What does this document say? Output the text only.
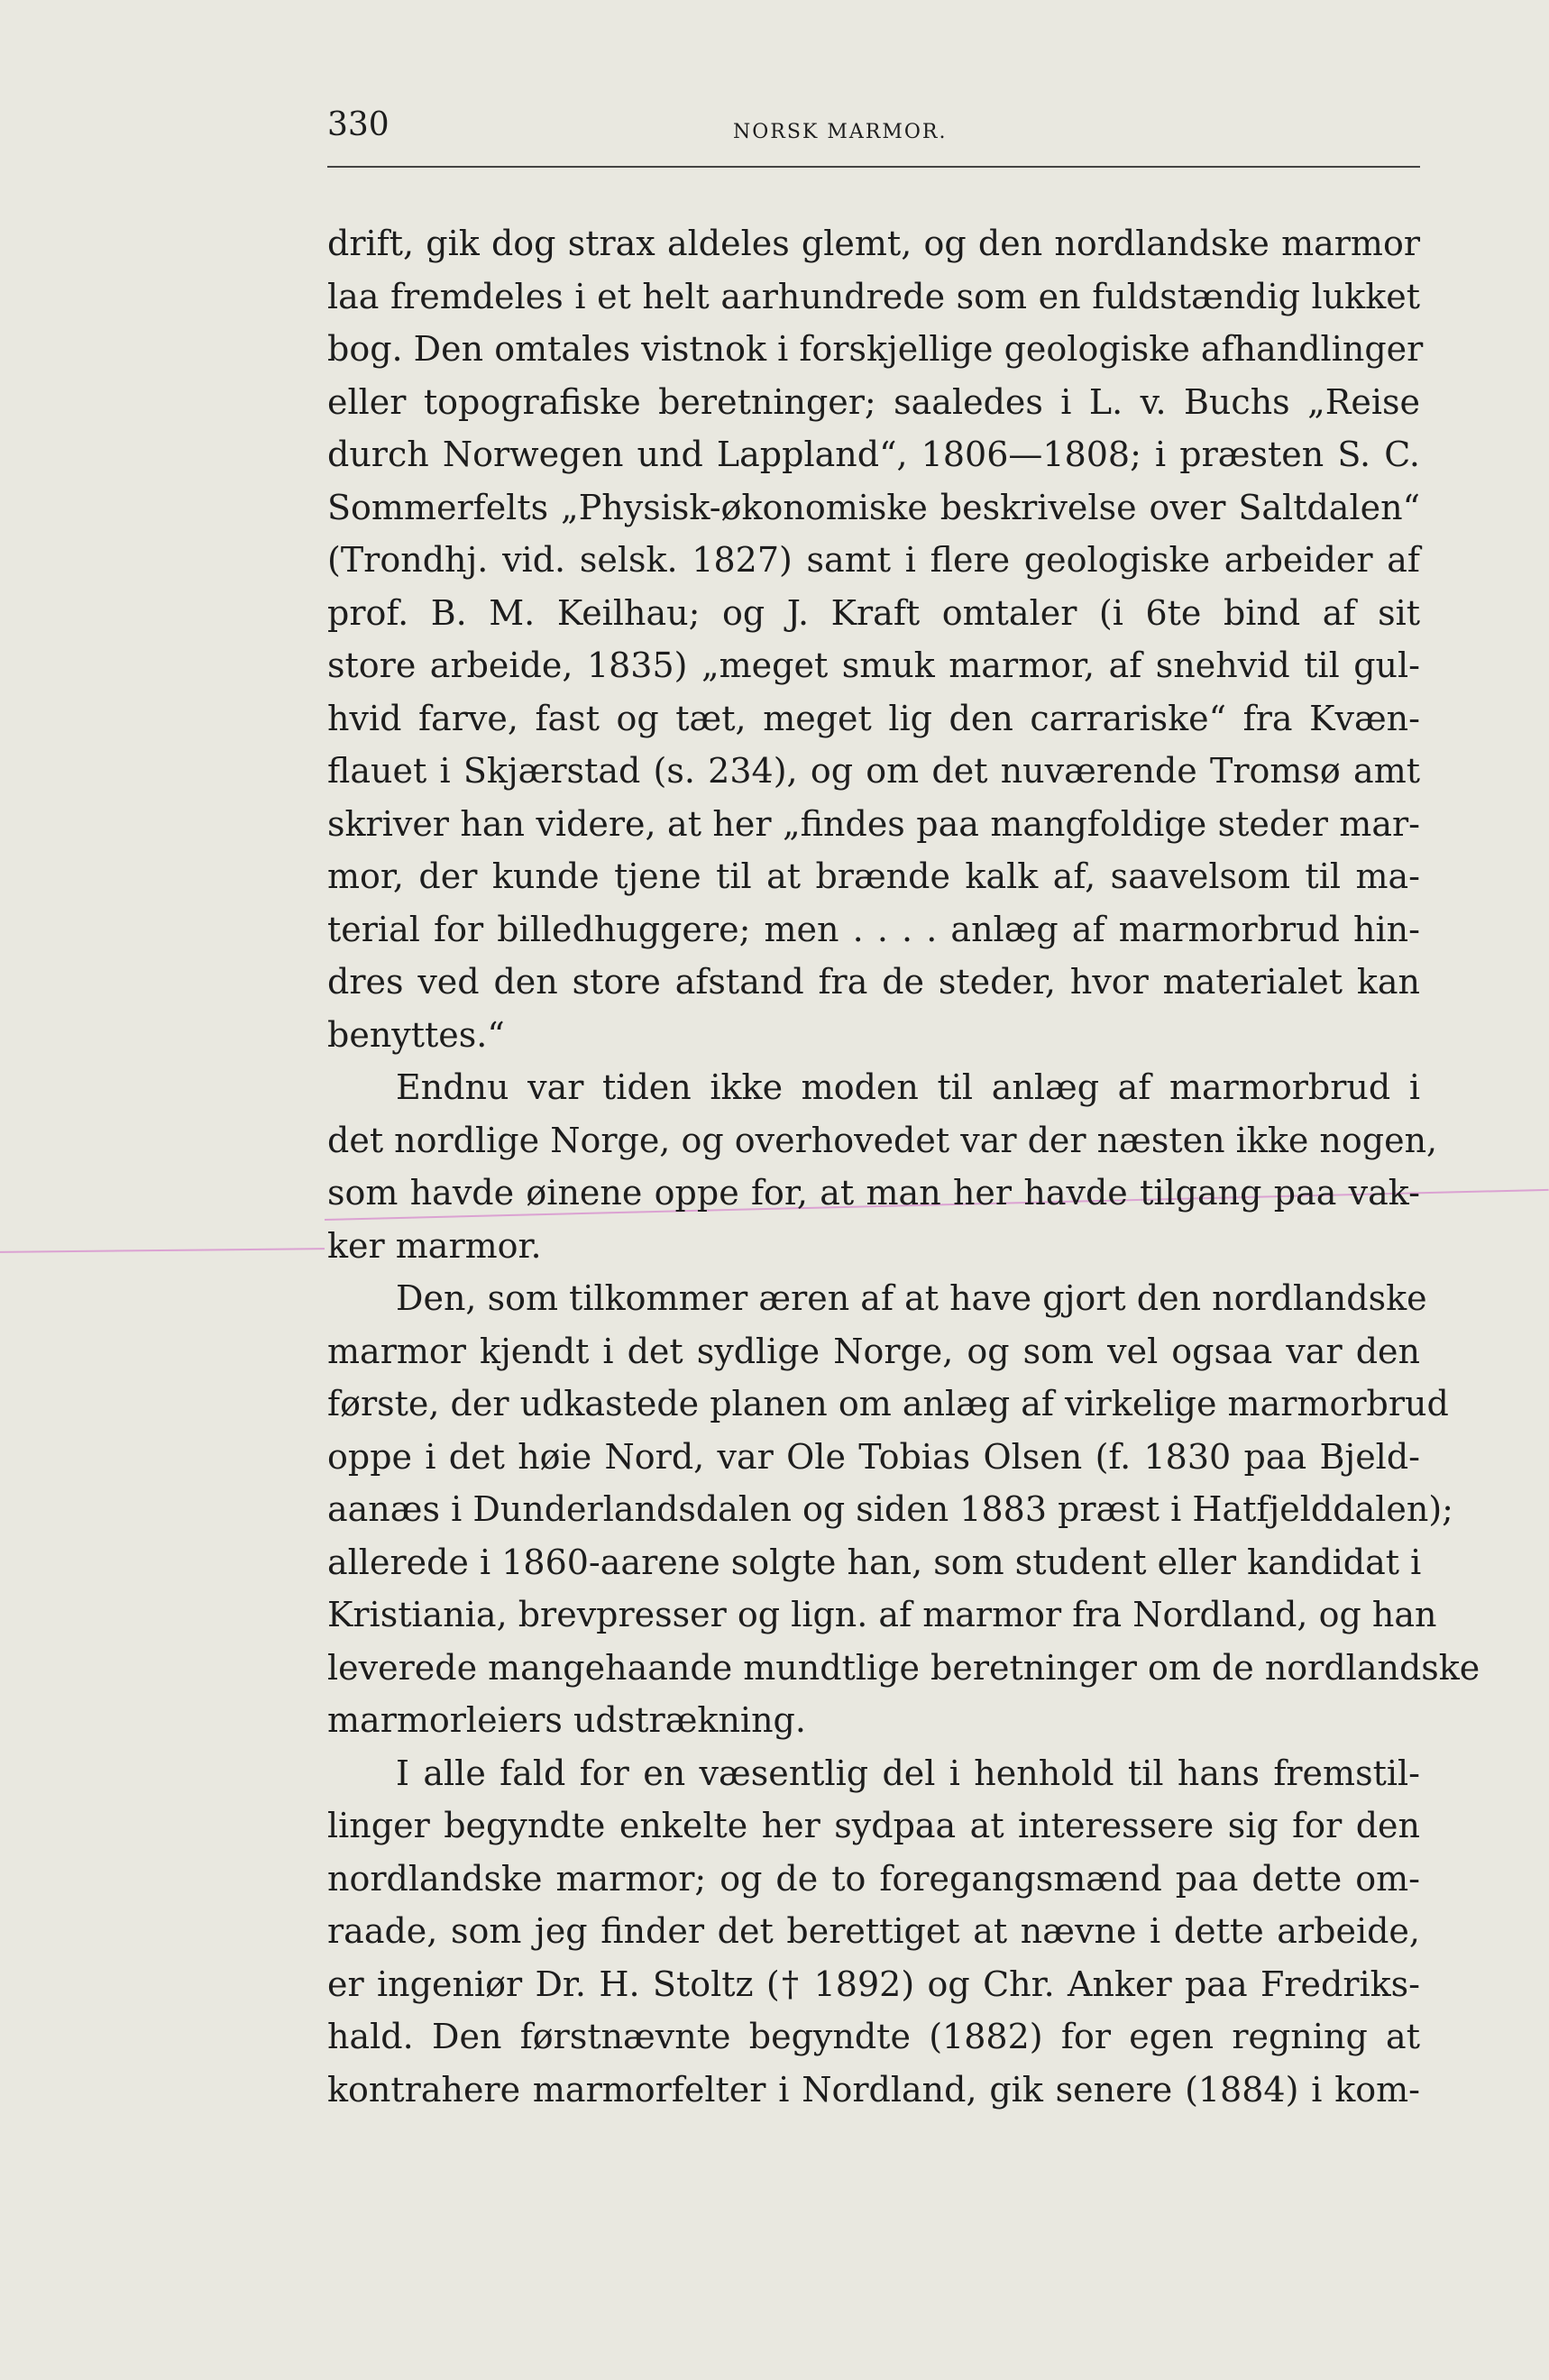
330	NORSK MARMOR.
drift, gik dog strax aldeles glemt, og den nordlandske marmor
laa fremdeles i et helt aarhundrede som en fuldstændig lukket
bog. Den omtales vistnok i forskjellige geologiske afhandlinger
eller topografiske beretninger; saaledes i L. v. Buchs „Reise
durch Norwegen und Lappland“, 1806—1808; i præsten S. C.
Sommerfelts „Physisk-økonomiske beskrivelse over Saltdalen“
(Trondhj. vid. selsk. 1827) samt i flere geologiske arbeider af
prof. B. M. Keilhau; og J. Kraft omtaler (i 6te bind af sit
store arbeide, 1835) „meget smuk marmor, af snehvid til gul-
hvid farve, fast og tæt, meget lig den carrariske“ fra Kvæn-
flauet i Skjærstad (s. 234), og om det nuværende Tromsø amt
skriver han videre, at her „findes paa mangfoldige steder mar-
mor, der kunde tjene til at brænde kalk af, saavelsom til ma-
terial for billedhuggere; men . . . . anlæg af marmorbrud hin-
dres ved den store afstand fra de steder, hvor materialet kan
benyttes.“
Endnu var tiden ikke moden til anlæg af marmorbrud i
det nordlige Norge, og overhovedet var der næsten ikke nogen,
som havde øinene oppe for, at man her havde tilgang paa vak-
ker marmor.
Den, som tilkommer æren af at have gjort den nordlandske
marmor kjendt i det sydlige Norge, og som vel ogsaa var den
første, der udkastede planen om anlæg af virkelige marmorbrud
oppe i det høie Nord, var Ole Tobias Olsen (f. 1830 paa Bjeld-
aanæs i Dunderlandsdalen og siden 1883 præst i Hatfjelddalen);
allerede i 1860-aarene solgte han, som student eller kandidat i
Kristiania, brevpresser og lign. af marmor fra Nordland, og han
leverede mangehaande mundtlige beretninger om de nordlandske
marmorleiers udstrækning.
I alle fald for en væsentlig del i henhold til hans fremstil-
linger begyndte enkelte her sydpaa at interessere sig for den
nordlandske marmor; og de to foregangsmænd paa dette om-
raade, som jeg finder det berettiget at nævne i dette arbeide,
er ingeniør Dr. H. Stoltz († 1892) og Chr. Anker paa Fredriks-
hald. Den førstnævnte begyndte (1882) for egen regning at
kontrahere marmorfelter i Nordland, gik senere (1884) i kom-
